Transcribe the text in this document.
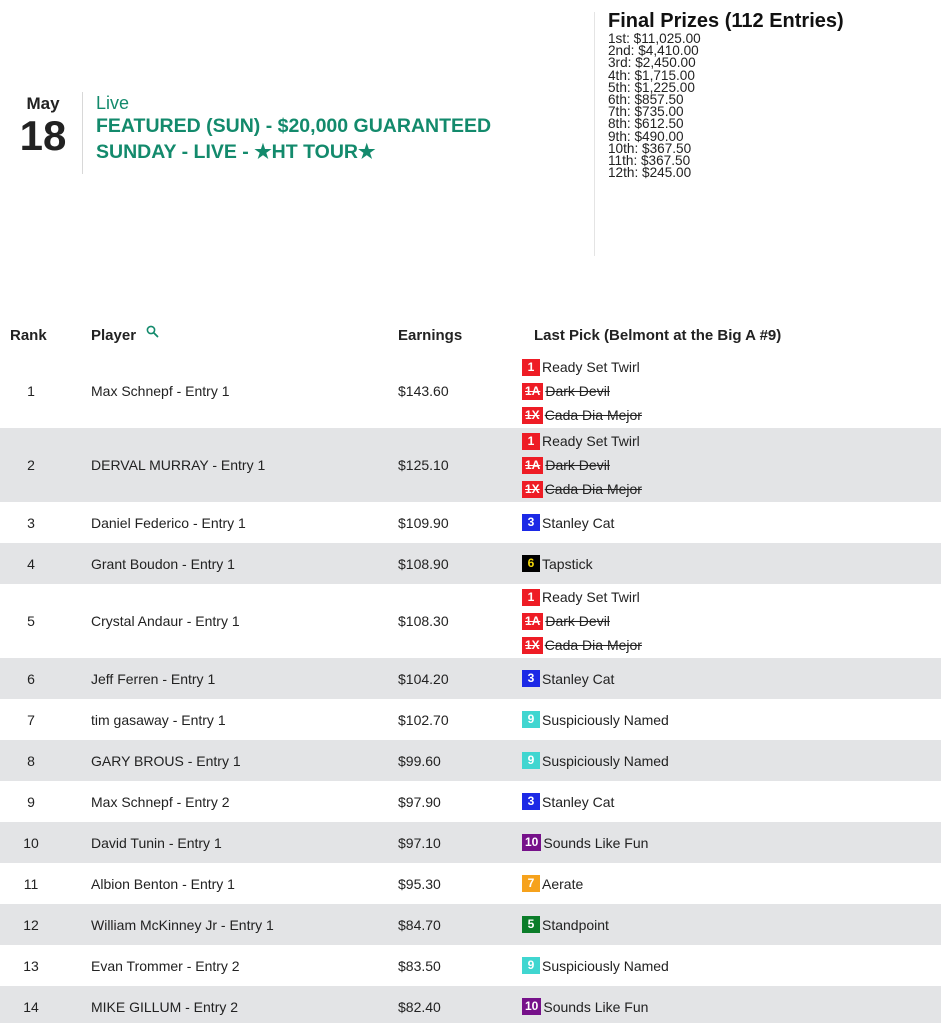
May
18
Live
FEATURED (SUN) - $20,000 GUARANTEED
SUNDAY - LIVE - ★HT TOUR★
Final Prizes (112 Entries)
1st: $11,025.00
2nd: $4,410.00
3rd: $2,450.00
4th: $1,715.00
5th: $1,225.00
6th: $857.50
7th: $735.00
8th: $612.50
9th: $490.00
10th: $367.50
11th: $367.50
12th: $245.00
Rank	Player	Earnings	Last Pick (Belmont at the Big A #9)
1	Max Schnepf - Entry 1	$143.60
1 Ready Set Twirl
1A Dark Devil
1X Cada Dia Mejor
2	DERVAL MURRAY - Entry 1	$125.10
1 Ready Set Twirl
1A Dark Devil
1X Cada Dia Mejor
3	Daniel Federico - Entry 1	$109.90	3 Stanley Cat
4	Grant Boudon - Entry 1	$108.90	6 Tapstick
5	Crystal Andaur - Entry 1	$108.30
1 Ready Set Twirl
1A Dark Devil
1X Cada Dia Mejor
6	Jeff Ferren - Entry 1	$104.20	3 Stanley Cat
7	tim gasaway - Entry 1	$102.70	9 Suspiciously Named
8	GARY BROUS - Entry 1	$99.60	9 Suspiciously Named
9	Max Schnepf - Entry 2	$97.90	3 Stanley Cat
10	David Tunin - Entry 1	$97.10	10 Sounds Like Fun
11	Albion Benton - Entry 1	$95.30	7 Aerate
12	William McKinney Jr - Entry 1	$84.70	5 Standpoint
13	Evan Trommer - Entry 2	$83.50	9 Suspiciously Named
14	MIKE GILLUM - Entry 2	$82.40	10 Sounds Like Fun
